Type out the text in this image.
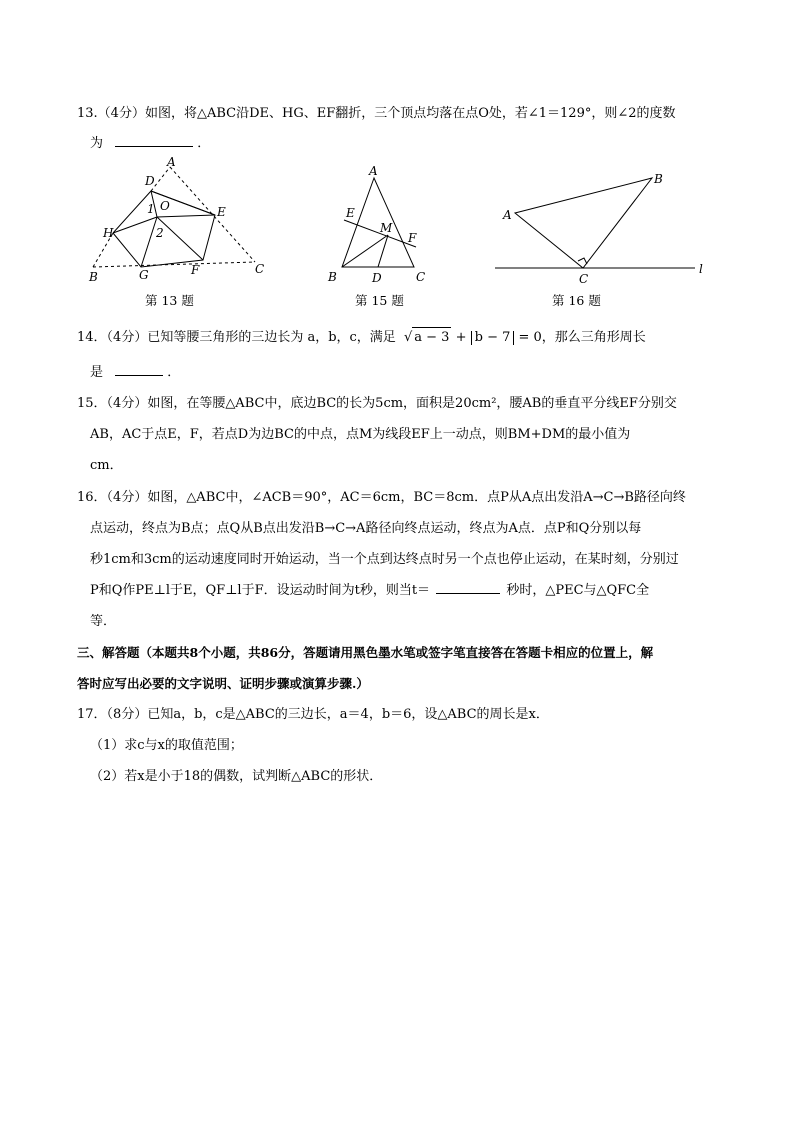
13.（4分）如图，将△ABC沿DE、HG、EF翻折，三个顶点均落在点O处，若∠1＝129°，则∠2的度数
为	．
A
D
O
1
2
E
H
B	G	F	C
第 13 题
A
E
M
F
B	D	C
第 15 题
A
B
C
l
第 16 题
14．（4分）已知等腰三角形的三边长为 a，b，c，满足 √ a − 3 + b − 7 = 0，那么三角形周长
是	．
15．（4分）如图，在等腰△ABC中，底边BC的长为5cm，面积是20cm²，腰AB的垂直平分线EF分别交
AB，AC于点E，F，若点D为边BC的中点，点M为线段EF上一动点，则BM+DM的最小值为
cm．
16．（4分）如图，△ABC中，∠ACB＝90°，AC＝6cm，BC＝8cm．点P从A点出发沿A→C→B路径向终
点运动，终点为B点；点Q从B点出发沿B→C→A路径向终点运动，终点为A点．点P和Q分别以每
秒1cm和3cm的运动速度同时开始运动，当一个点到达终点时另一个点也停止运动，在某时刻，分别过
P和Q作PE⊥l于E，QF⊥l于F．设运动时间为t秒，则当t＝	秒时，△PEC与△QFC全
等．
三、解答题（本题共8个小题，共86分，答题请用黑色墨水笔或签字笔直接答在答题卡相应的位置上，解
答时应写出必要的文字说明、证明步骤或演算步骤.）
17．（8分）已知a，b，c是△ABC的三边长，a＝4，b＝6，设△ABC的周长是x．
（1）求c与x的取值范围；
（2）若x是小于18的偶数，试判断△ABC的形状．
